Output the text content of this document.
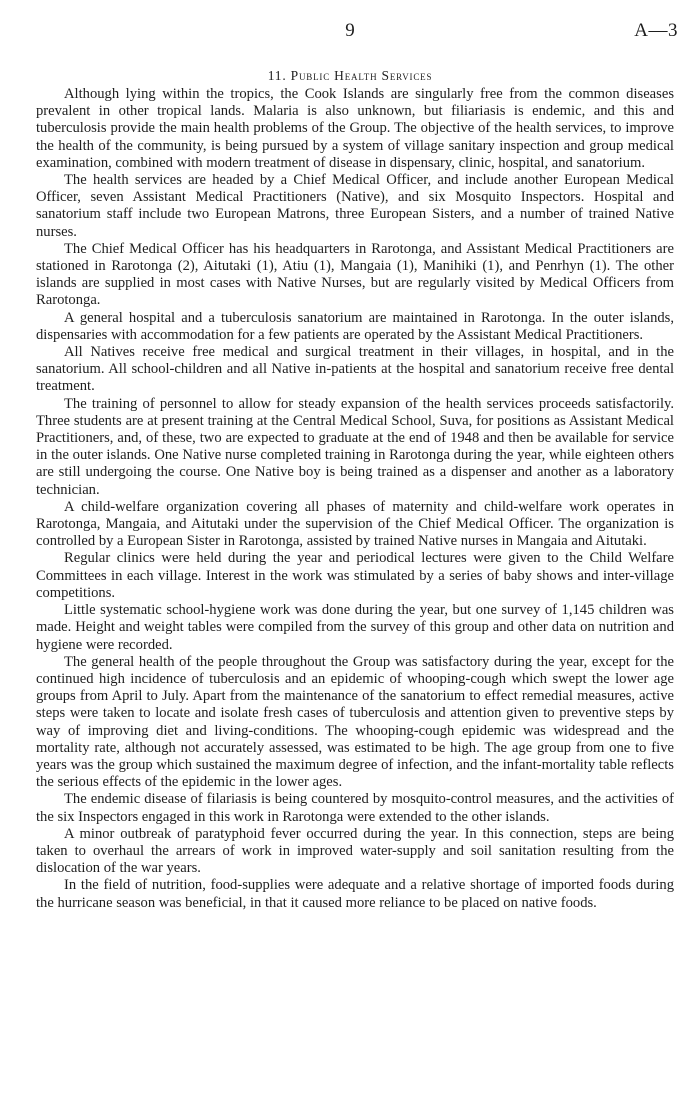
9	A—3
11. Public Health Services

Although lying within the tropics, the Cook Islands are singularly free from the common diseases prevalent in other tropical lands. Malaria is also unknown, but filiariasis is endemic, and this and tuberculosis provide the main health problems of the Group. The objective of the health services, to improve the health of the community, is being pursued by a system of village sanitary inspection and group medical examination, combined with modern treatment of disease in dispensary, clinic, hospital, and sanatorium.

The health services are headed by a Chief Medical Officer, and include another European Medical Officer, seven Assistant Medical Practitioners (Native), and six Mosquito Inspectors. Hospital and sanatorium staff include two European Matrons, three European Sisters, and a number of trained Native nurses.

The Chief Medical Officer has his headquarters in Rarotonga, and Assistant Medical Practitioners are stationed in Rarotonga (2), Aitutaki (1), Atiu (1), Mangaia (1), Manihiki (1), and Penrhyn (1). The other islands are supplied in most cases with Native Nurses, but are regularly visited by Medical Officers from Rarotonga.

A general hospital and a tuberculosis sanatorium are maintained in Rarotonga. In the outer islands, dispensaries with accommodation for a few patients are operated by the Assistant Medical Practitioners.

All Natives receive free medical and surgical treatment in their villages, in hospital, and in the sanatorium. All school-children and all Native in-patients at the hospital and sanatorium receive free dental treatment.

The training of personnel to allow for steady expansion of the health services proceeds satisfactorily. Three students are at present training at the Central Medical School, Suva, for positions as Assistant Medical Practitioners, and, of these, two are expected to graduate at the end of 1948 and then be available for service in the outer islands. One Native nurse completed training in Rarotonga during the year, while eighteen others are still undergoing the course. One Native boy is being trained as a dispenser and another as a laboratory technician.

A child-welfare organization covering all phases of maternity and child-welfare work operates in Rarotonga, Mangaia, and Aitutaki under the supervision of the Chief Medical Officer. The organization is controlled by a European Sister in Rarotonga, assisted by trained Native nurses in Mangaia and Aitutaki.

Regular clinics were held during the year and periodical lectures were given to the Child Welfare Committees in each village. Interest in the work was stimulated by a series of baby shows and inter-village competitions.

Little systematic school-hygiene work was done during the year, but one survey of 1,145 children was made. Height and weight tables were compiled from the survey of this group and other data on nutrition and hygiene were recorded.

The general health of the people throughout the Group was satisfactory during the year, except for the continued high incidence of tuberculosis and an epidemic of whooping-cough which swept the lower age groups from April to July. Apart from the maintenance of the sanatorium to effect remedial measures, active steps were taken to locate and isolate fresh cases of tuberculosis and attention given to preventive steps by way of improving diet and living-conditions. The whooping-cough epidemic was widespread and the mortality rate, although not accurately assessed, was estimated to be high. The age group from one to five years was the group which sustained the maximum degree of infection, and the infant-mortality table reflects the serious effects of the epidemic in the lower ages.

The endemic disease of filariasis is being countered by mosquito-control measures, and the activities of the six Inspectors engaged in this work in Rarotonga were extended to the other islands.

A minor outbreak of paratyphoid fever occurred during the year. In this connection, steps are being taken to overhaul the arrears of work in improved water-supply and soil sanitation resulting from the dislocation of the war years.

In the field of nutrition, food-supplies were adequate and a relative shortage of imported foods during the hurricane season was beneficial, in that it caused more reliance to be placed on native foods.
